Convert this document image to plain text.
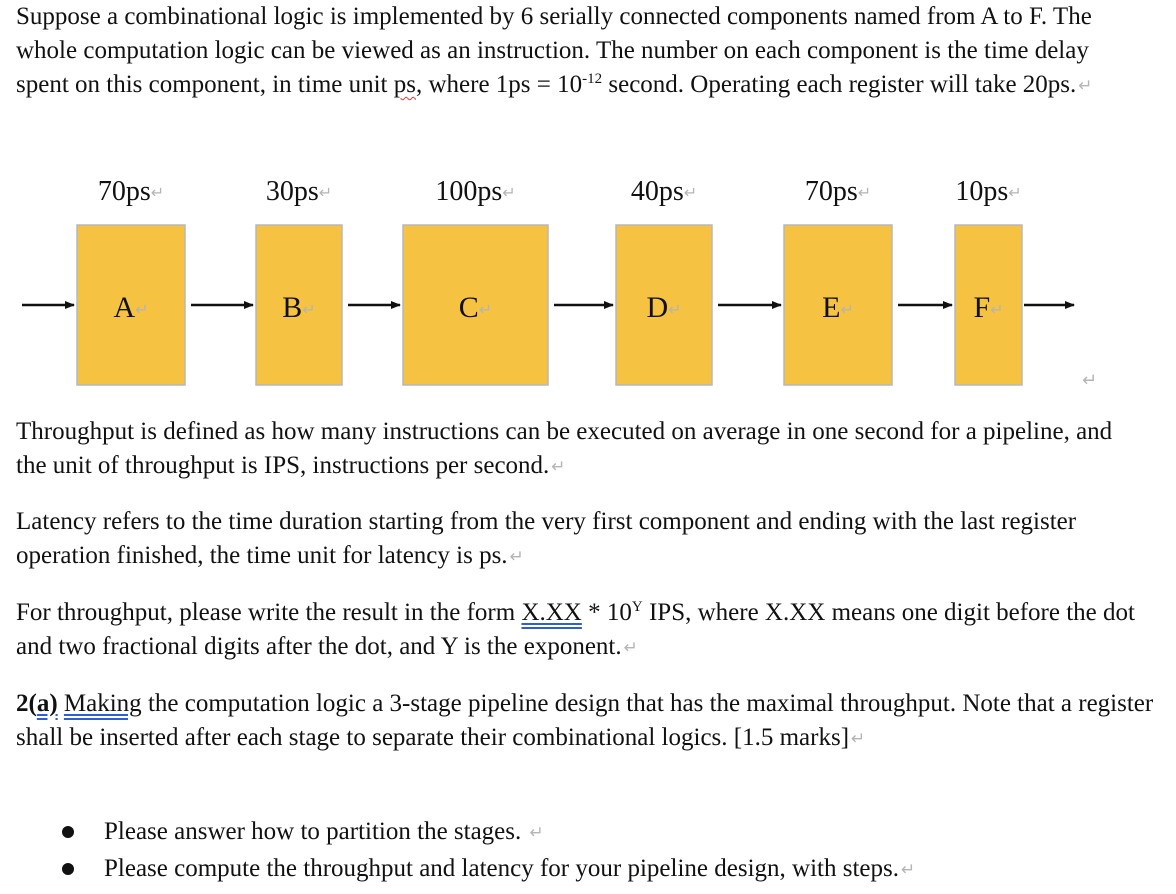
Suppose a combinational logic is implemented by 6 serially connected components named from A to F. The whole computation logic can be viewed as an instruction. The number on each component is the time delay spent on this component, in time unit ps, where $1ps = 10^{-12}$ second. Operating each register will take 20ps. ↵

A↵
70ps↵
B↵
30ps↵
C↵
100ps↵
D↵
40ps↵
E↵
70ps↵
F↵
10ps↵
↵

Throughput is defined as how many instructions can be executed on average in one second for a pipeline, and the unit of throughput is IPS, instructions per second. ↵

Latency refers to the time duration starting from the very first component and ending with the last register operation finished, the time unit for latency is ps. ↵

For throughput, please write the result in the form $X.XX * 10^Y$ IPS, where X.XX means one digit before the dot and two fractional digits after the dot, and Y is the exponent. ↵

2(a) Making the computation logic a 3-stage pipeline design that has the maximal throughput. Note that a register shall be inserted after each stage to separate their combinational logics. [1.5 marks] ↵

Please answer how to partition the stages. ↵
Please compute the throughput and latency for your pipeline design, with steps. ↵
